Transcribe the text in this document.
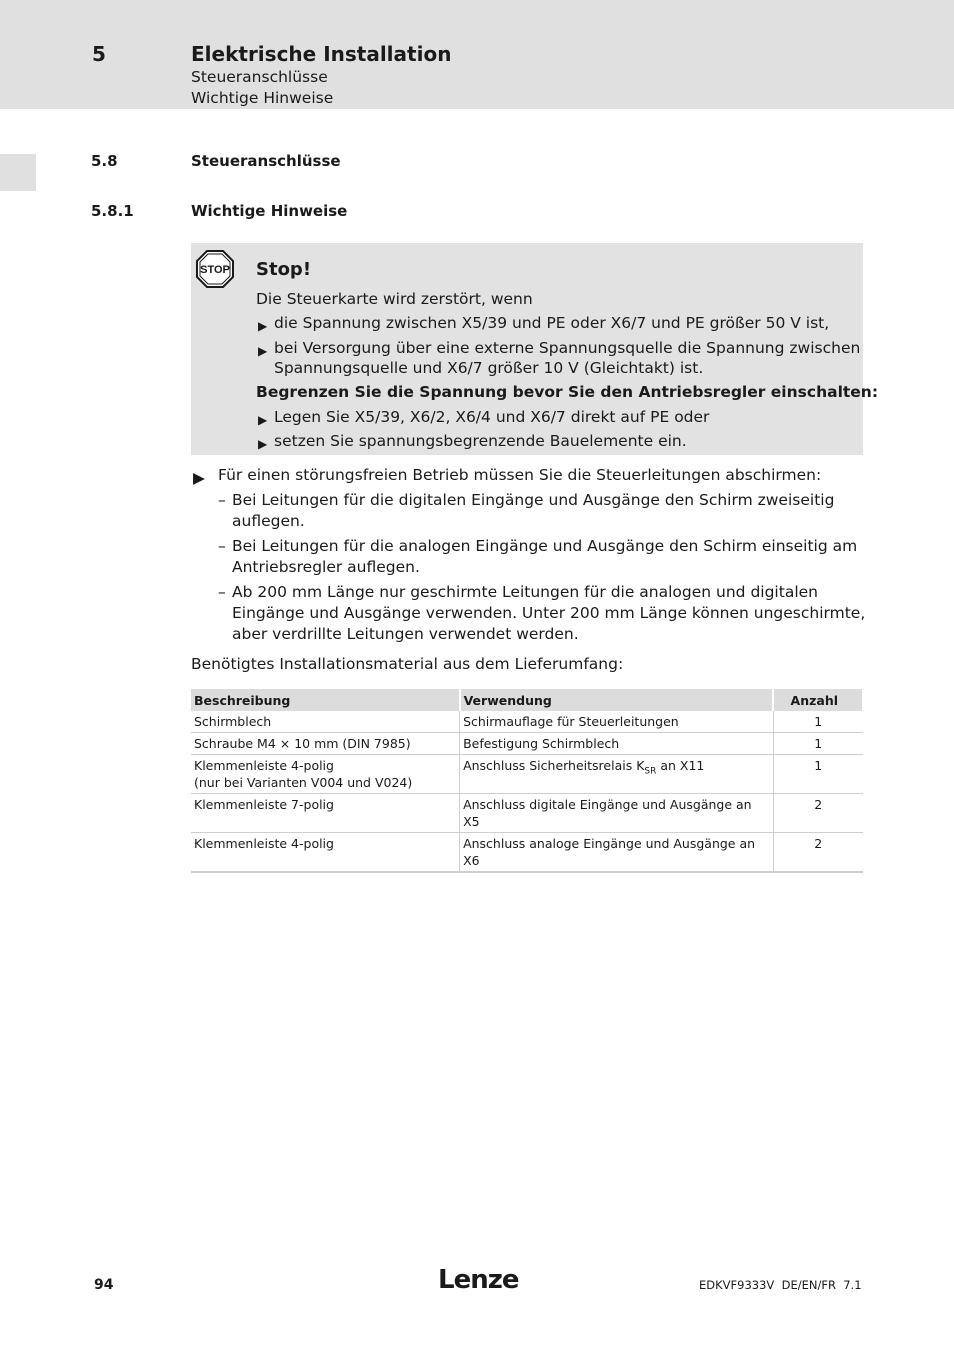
5	Elektrische Installation
Steueranschlüsse
Wichtige Hinweise
5.8	Steueranschlüsse
5.8.1	Wichtige Hinweise
STOP Stop!
Die Steuerkarte wird zerstört, wenn
▶ die Spannung zwischen X5/39 und PE oder X6/7 und PE größer 50 V ist,
▶ bei Versorgung über eine externe Spannungsquelle die Spannung zwischen
Spannungsquelle und X6/7 größer 10 V (Gleichtakt) ist.
Begrenzen Sie die Spannung bevor Sie den Antriebsregler einschalten:
▶ Legen Sie X5/39, X6/2, X6/4 und X6/7 direkt auf PE oder
▶ setzen Sie spannungsbegrenzende Bauelemente ein.
▶ Für einen störungsfreien Betrieb müssen Sie die Steuerleitungen abschirmen:
– Bei Leitungen für die digitalen Eingänge und Ausgänge den Schirm zweiseitig
auflegen.
– Bei Leitungen für die analogen Eingänge und Ausgänge den Schirm einseitig am
Antriebsregler auflegen.
– Ab 200 mm Länge nur geschirmte Leitungen für die analogen und digitalen
Eingänge und Ausgänge verwenden. Unter 200 mm Länge können ungeschirmte,
aber verdrillte Leitungen verwendet werden.
Benötigtes Installationsmaterial aus dem Lieferumfang:
Beschreibung	Verwendung	Anzahl
Schirmblech	Schirmauflage für Steuerleitungen	1
Schraube M4 × 10 mm (DIN 7985)	Befestigung Schirmblech	1
Klemmenleiste 4-polig
(nur bei Varianten V004 und V024)	Anschluss Sicherheitsrelais $K_{SR}$ an X11	1
Klemmenleiste 7-polig	Anschluss digitale Eingänge und Ausgänge an X5	2
Klemmenleiste 4-polig	Anschluss analoge Eingänge und Ausgänge an X6	2
94	Lenze	EDKVF9333V  DE/EN/FR  7.1
